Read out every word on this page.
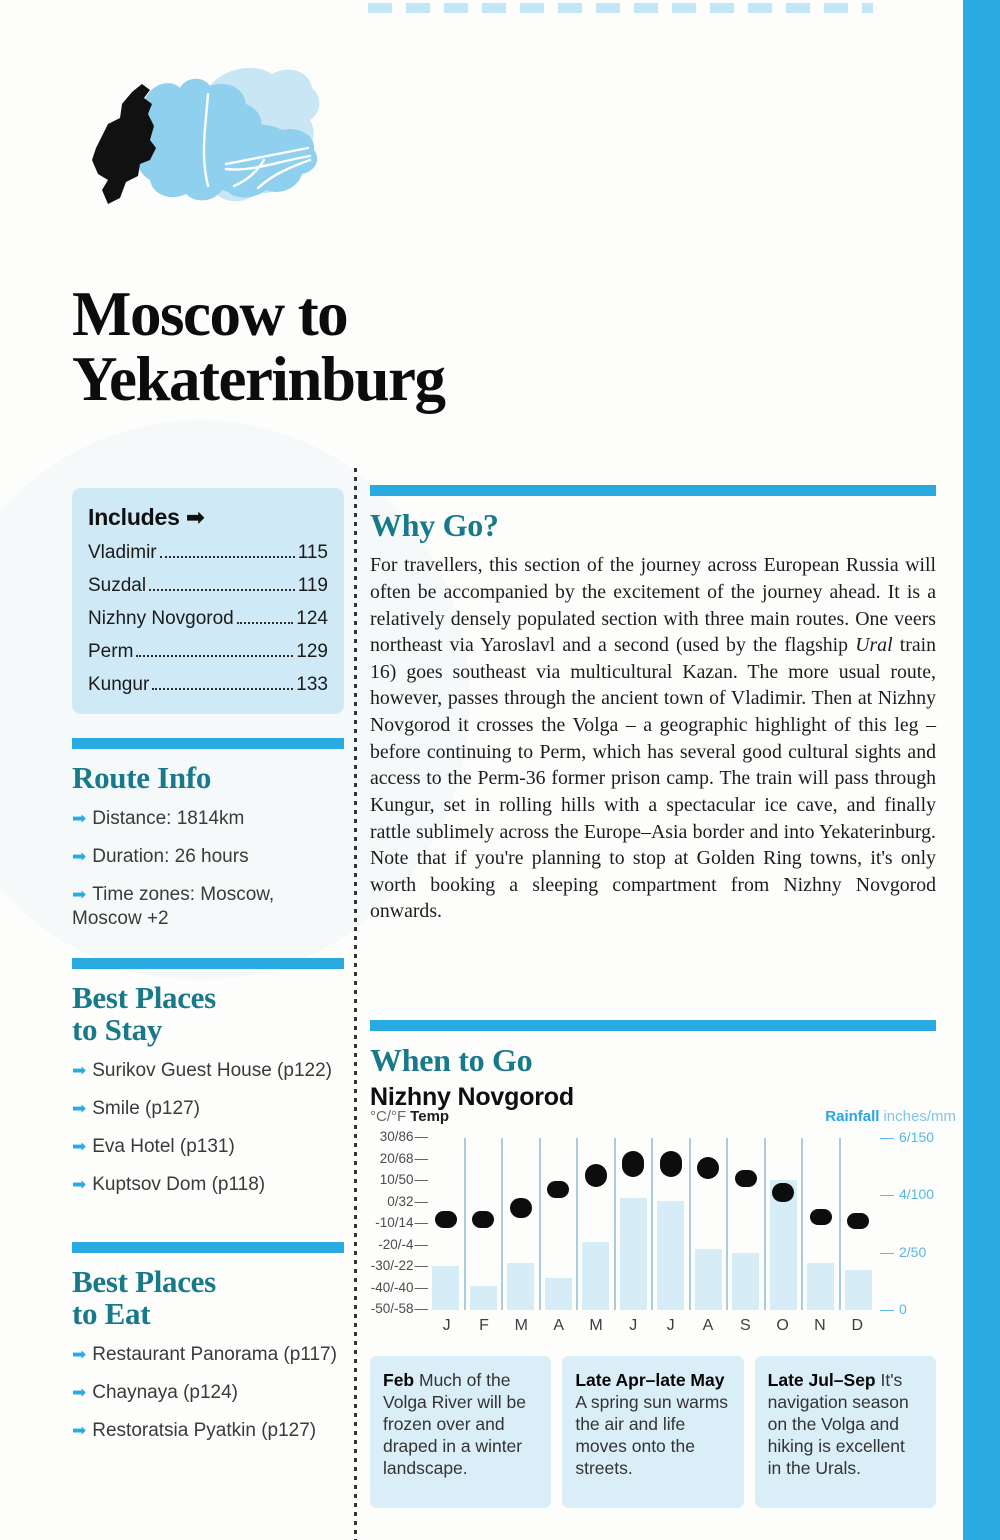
Moscow to
Yekaterinburg
Includes ➡
Vladimir	115
Suzdal	119
Nizhny Novgorod	124
Perm	129
Kungur	133
Route Info
➡ Distance: 1814km
➡ Duration: 26 hours
➡ Time zones: Moscow, Moscow +2
Best Places
to Stay
➡ Surikov Guest House (p122)
➡ Smile (p127)
➡ Eva Hotel (p131)
➡ Kuptsov Dom (p118)
Best Places
to Eat
➡ Restaurant Panorama (p117)
➡ Chaynaya (p124)
➡ Restoratsia Pyatkin (p127)
Why Go?
For travellers, this section of the journey across European Russia will often be accompanied by the excitement of the journey ahead. It is a relatively densely populated section with three main routes. One veers northeast via Yaroslavl and a second (used by the flagship Ural train 16) goes southeast via multicultural Kazan. The more usual route, however, passes through the ancient town of Vladimir. Then at Nizhny Novgorod it crosses the Volga – a geographic highlight of this leg – before continuing to Perm, which has several good cultural sights and access to the Perm-36 former prison camp. The train will pass through Kungur, set in rolling hills with a spectacular ice cave, and finally rattle sublimely across the Europe–Asia border and into Yekaterinburg. Note that if you're planning to stop at Golden Ring towns, it's only worth booking a sleeping compartment from Nizhny Novgorod onwards.
When to Go
Nizhny Novgorod
°C/°F Temp	Rainfall inches/mm
30/86—
20/68—
10/50—
0/32—
-10/14—
-20/-4—
-30/-22—
-40/-40—
-50/-58—
— 6/150
— 4/100
— 2/50
— 0
J	F	M	A	M	J	J	A	S	O	N	D
Feb Much of the Volga River will be frozen over and draped in a winter landscape.
Late Apr–late May A spring sun warms the air and life moves onto the streets.
Late Jul–Sep It's navigation season on the Volga and hiking is excellent in the Urals.
